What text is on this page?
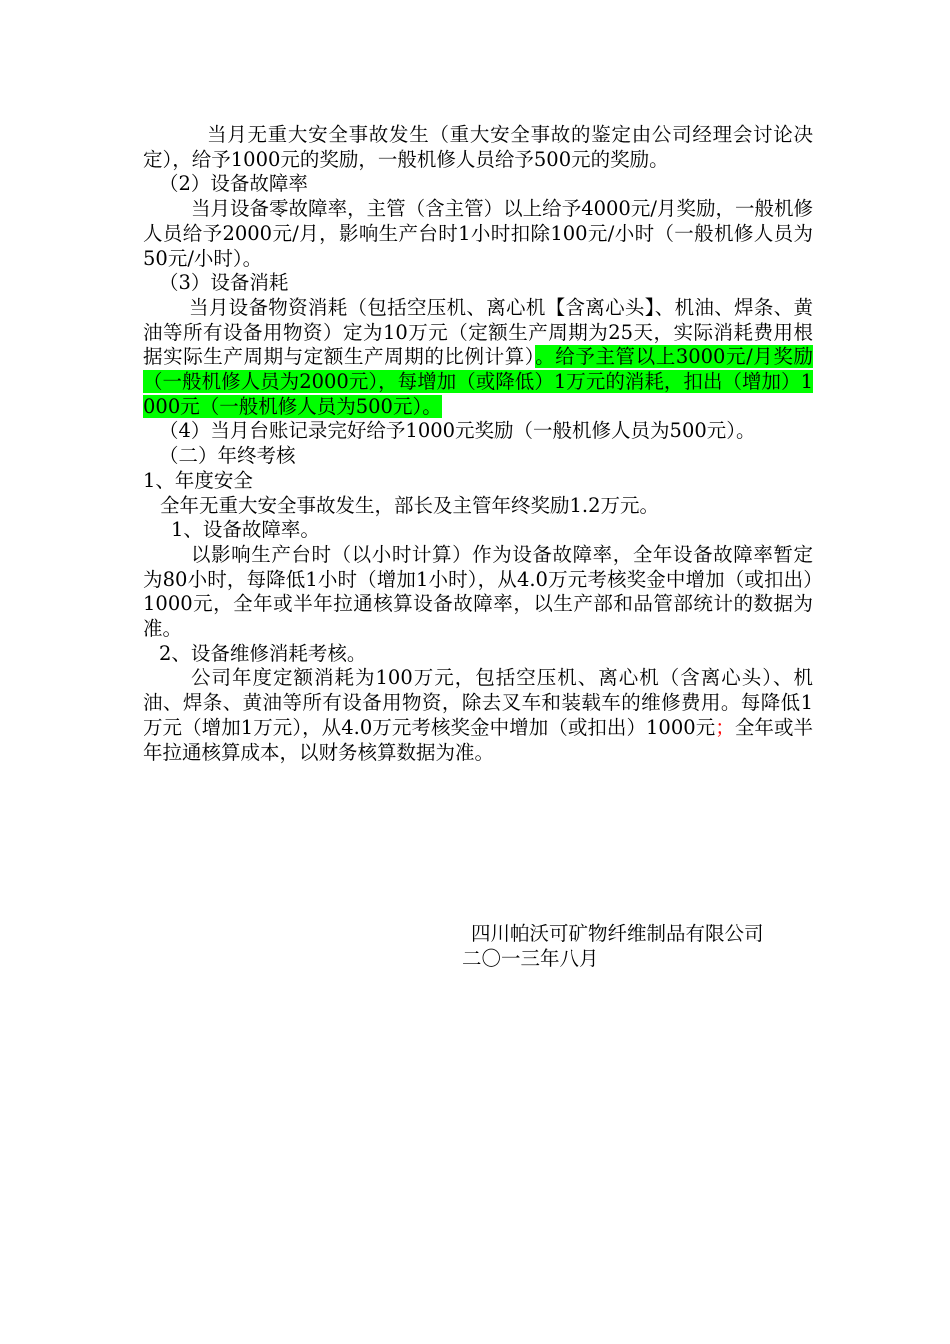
当月无重大安全事故发生（重大安全事故的鉴定由公司经理会讨论决定），给予1000元的奖励，一般机修人员给予500元的奖励。

（2）设备故障率

当月设备零故障率，主管（含主管）以上给予4000元/月奖励，一般机修人员给予2000元/月，影响生产台时1小时扣除100元/小时（一般机修人员为50元/小时）。

（3）设备消耗

当月设备物资消耗（包括空压机、离心机【含离心头】、机油、焊条、黄油等所有设备用物资）定为10万元（定额生产周期为25天，实际消耗费用根据实际生产周期与定额生产周期的比例计算）。给予主管以上3000元/月奖励（一般机修人员为2000元），每增加（或降低）1万元的消耗，扣出（增加）1000元（一般机修人员为500元）。

（4）当月台账记录完好给予1000元奖励（一般机修人员为500元）。

（二）年终考核

1、年度安全

全年无重大安全事故发生，部长及主管年终奖励1.2万元。

1、设备故障率。

以影响生产台时（以小时计算）作为设备故障率，全年设备故障率暂定为80小时，每降低1小时（增加1小时），从4.0万元考核奖金中增加（或扣出）1000元，全年或半年拉通核算设备故障率，以生产部和品管部统计的数据为准。

2、设备维修消耗考核。

公司年度定额消耗为100万元，包括空压机、离心机（含离心头）、机油、焊条、黄油等所有设备用物资，除去叉车和装载车的维修费用。每降低1万元（增加1万元），从4.0万元考核奖金中增加（或扣出）1000元；全年或半年拉通核算成本，以财务核算数据为准。

四川帕沃可矿物纤维制品有限公司
二〇一三年八月
